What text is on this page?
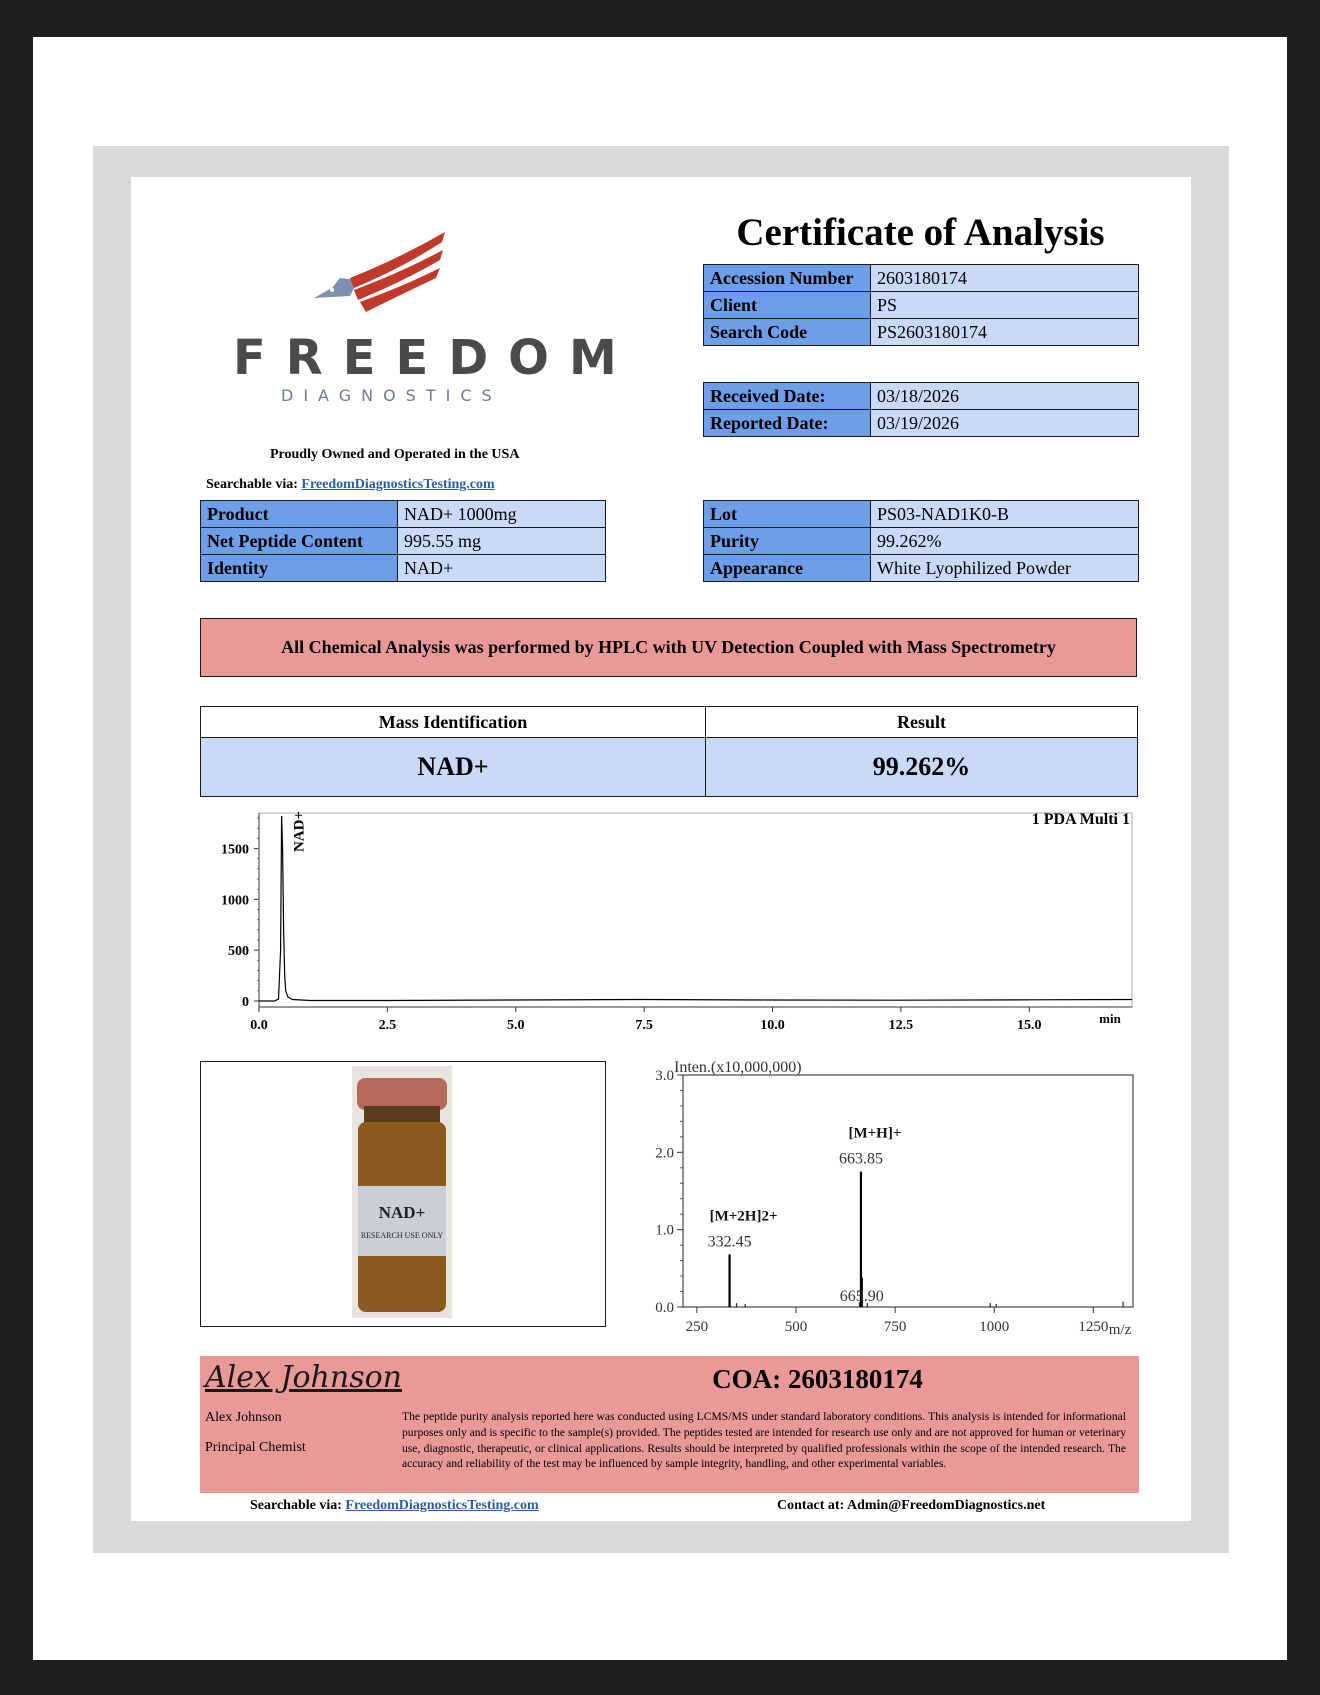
FREEDOM
DIAGNOSTICS
Proudly Owned and Operated in the USA
Searchable via: FreedomDiagnosticsTesting.com
Certificate of Analysis
Accession Number	2603180174
Client	PS
Search Code	PS2603180174
Received Date:	03/18/2026
Reported Date:	03/19/2026
Product	NAD+ 1000mg
Net Peptide Content	995.55 mg
Identity	NAD+
Lot	PS03-NAD1K0-B
Purity	99.262%
Appearance	White Lyophilized Powder
All Chemical Analysis was performed by HPLC with UV Detection Coupled with Mass Spectrometry
Mass Identification	Result
NAD+	99.262%
0
500
1000
1500
0.0	2.5	5.0	7.5	10.0	12.5	15.0
1 PDA Multi 1
min
NAD+
NAD+
RESEARCH USE ONLY
0.0
1.0
2.0
3.0
250	500	750	1000	1250
332.45
[M+2H]2+
663.85
[M+H]+
665.90
Inten.(x10,000,000)
m/z
Alex Johnson	COA: 2603180174
Alex Johnson
Principal Chemist
The peptide purity analysis reported here was conducted using LCMS/MS under standard laboratory conditions. This analysis is intended for informational purposes only and is specific to the sample(s) provided. The peptides tested are intended for research use only and are not approved for human or veterinary use, diagnostic, therapeutic, or clinical applications. Results should be interpreted by qualified professionals within the scope of the intended research. The accuracy and reliability of the test may be influenced by sample integrity, handling, and other experimental variables.
Searchable via: FreedomDiagnosticsTesting.com	Contact at: Admin@FreedomDiagnostics.net
